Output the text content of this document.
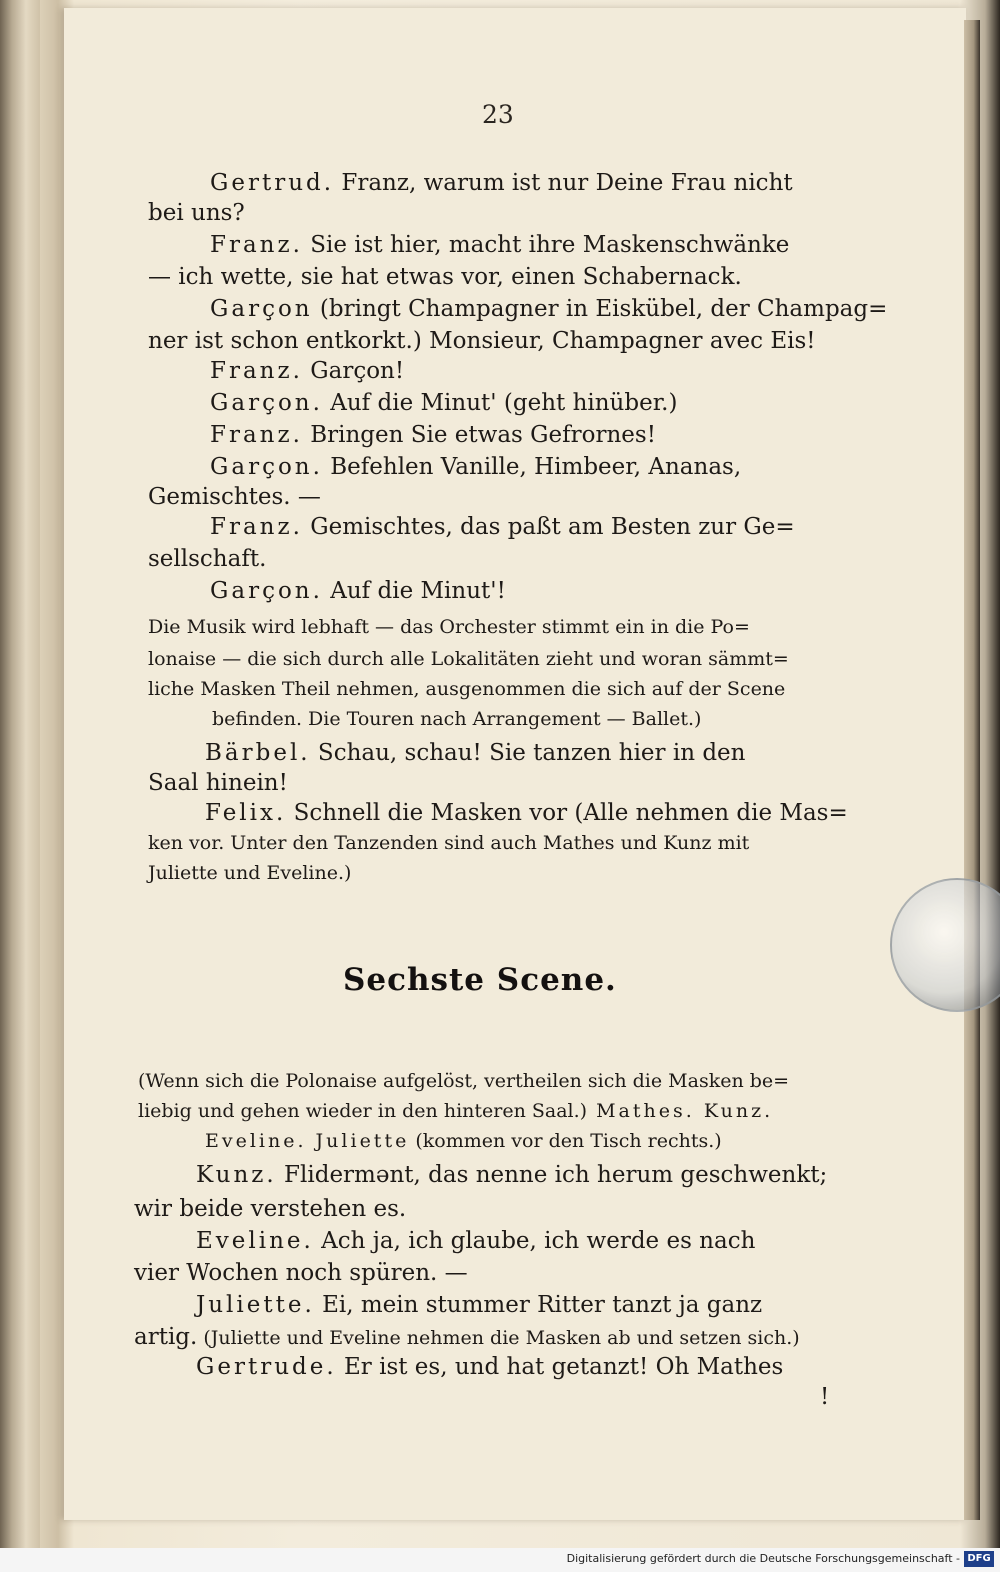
23
Gertrud. Franz, warum ist nur Deine Frau nicht
bei uns?
Franz. Sie ist hier, macht ihre Maskenschwänke
— ich wette, sie hat etwas vor, einen Schabernack.
Garçon (bringt Champagner in Eiskübel, der Champag=
ner ist schon entkorkt.) Monsieur, Champagner avec Eis!
Franz. Garçon!
Garçon. Auf die Minut' (geht hinüber.)
Franz. Bringen Sie etwas Gefrornes!
Garçon. Befehlen Vanille, Himbeer, Ananas,
Gemischtes. —
Franz. Gemischtes, das paßt am Besten zur Ge=
sellschaft.
Garçon. Auf die Minut'!
Die Musik wird lebhaft — das Orchester stimmt ein in die Po=
lonaise — die sich durch alle Lokalitäten zieht und woran sämmt=
liche Masken Theil nehmen, ausgenommen die sich auf der Scene
befinden. Die Touren nach Arrangement — Ballet.)
Bärbel. Schau, schau! Sie tanzen hier in den
Saal hinein!
Felix. Schnell die Masken vor (Alle nehmen die Mas=
ken vor. Unter den Tanzenden sind auch Mathes und Kunz mit
Juliette und Eveline.)
(Wenn sich die Polonaise aufgelöst, vertheilen sich die Masken be=
liebig und gehen wieder in den hinteren Saal.) Mathes. Kunz.
Eveline. Juliette (kommen vor den Tisch rechts.)
Kunz. Flidermənt, das nenne ich herum geschwenkt;
wir beide verstehen es.
Eveline. Ach ja, ich glaube, ich werde es nach
vier Wochen noch spüren. —
Juliette. Ei, mein stummer Ritter tanzt ja ganz
artig. (Juliette und Eveline nehmen die Masken ab und setzen sich.)
Gertrude. Er ist es, und hat getanzt! Oh Mathes
!
Sechste Scene.
Digitalisierung gefördert durch die Deutsche Forschungsgemeinschaft - DFG
